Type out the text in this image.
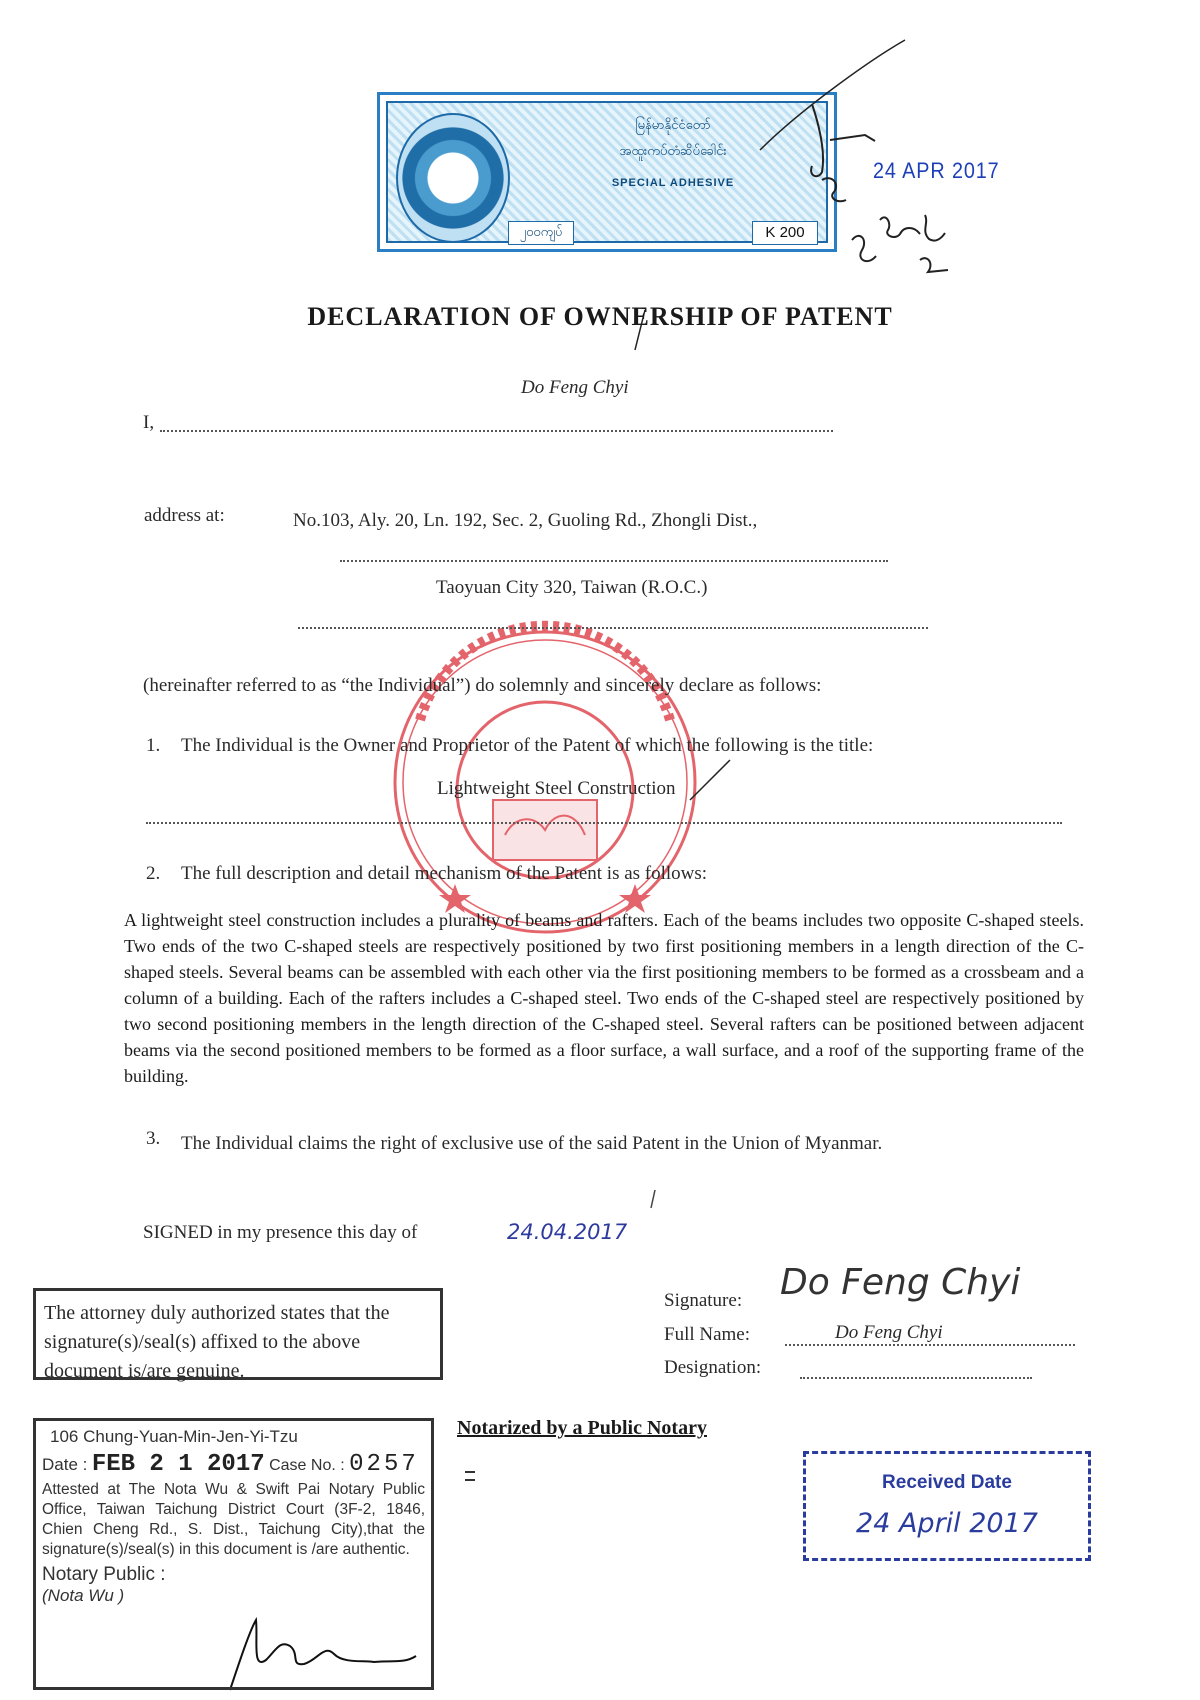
မြန်မာနိုင်ငံတော်
အထူးကပ်တံဆိပ်ခေါင်း
SPECIAL ADHESIVE
၂၀၀ကျပ်	K 200
24 APR 2017
DECLARATION OF OWNERSHIP OF PATENT
Do Feng Chyi
I,
address at:	No.103, Aly. 20, Ln. 192, Sec. 2, Guoling Rd., Zhongli Dist.,
Taoyuan City 320, Taiwan (R.O.C.)
(hereinafter referred to as “the Individual”) do solemnly and sincerely declare as follows:
1. The Individual is the Owner and Proprietor of the Patent of which the following is the title:
Lightweight Steel Construction
2. The full description and detail mechanism of the Patent is as follows:
A lightweight steel construction includes a plurality of beams and rafters. Each of the beams includes two opposite C-shaped steels. Two ends of the two C-shaped steels are respectively positioned by two first positioning members in a length direction of the C-shaped steels. Several beams can be assembled with each other via the first positioning members to be formed as a crossbeam and a column of a building. Each of the rafters includes a C-shaped steel. Two ends of the C-shaped steel are respectively positioned by two second positioning members in the length direction of the C-shaped steel. Several rafters can be positioned between adjacent beams via the second positioned members to be formed as a floor surface, a wall surface, and a roof of the supporting frame of the building.
3. The Individual claims the right of exclusive use of the said Patent in the Union of Myanmar.
SIGNED in my presence this day of	24.04.2017
Signature: Do Feng Chyi
Full Name:	Do Feng Chyi
Designation:
The attorney duly authorized states that the signature(s)/seal(s) affixed to the above document is/are genuine.
Notarized by a Public Notary
106 Chung-Yuan-Min-Jen-Yi-Tzu
Date : FEB 2 1 2017 Case No. : 0257
Attested at The Nota Wu & Swift Pai Notary Public Office, Taiwan Taichung District Court (3F-2, 1846, Chien Cheng Rd., S. Dist., Taichung City),that the signature(s)/seal(s) in this document is /are authentic.
Notary Public :
(Nota Wu )
Received Date
24 April 2017
